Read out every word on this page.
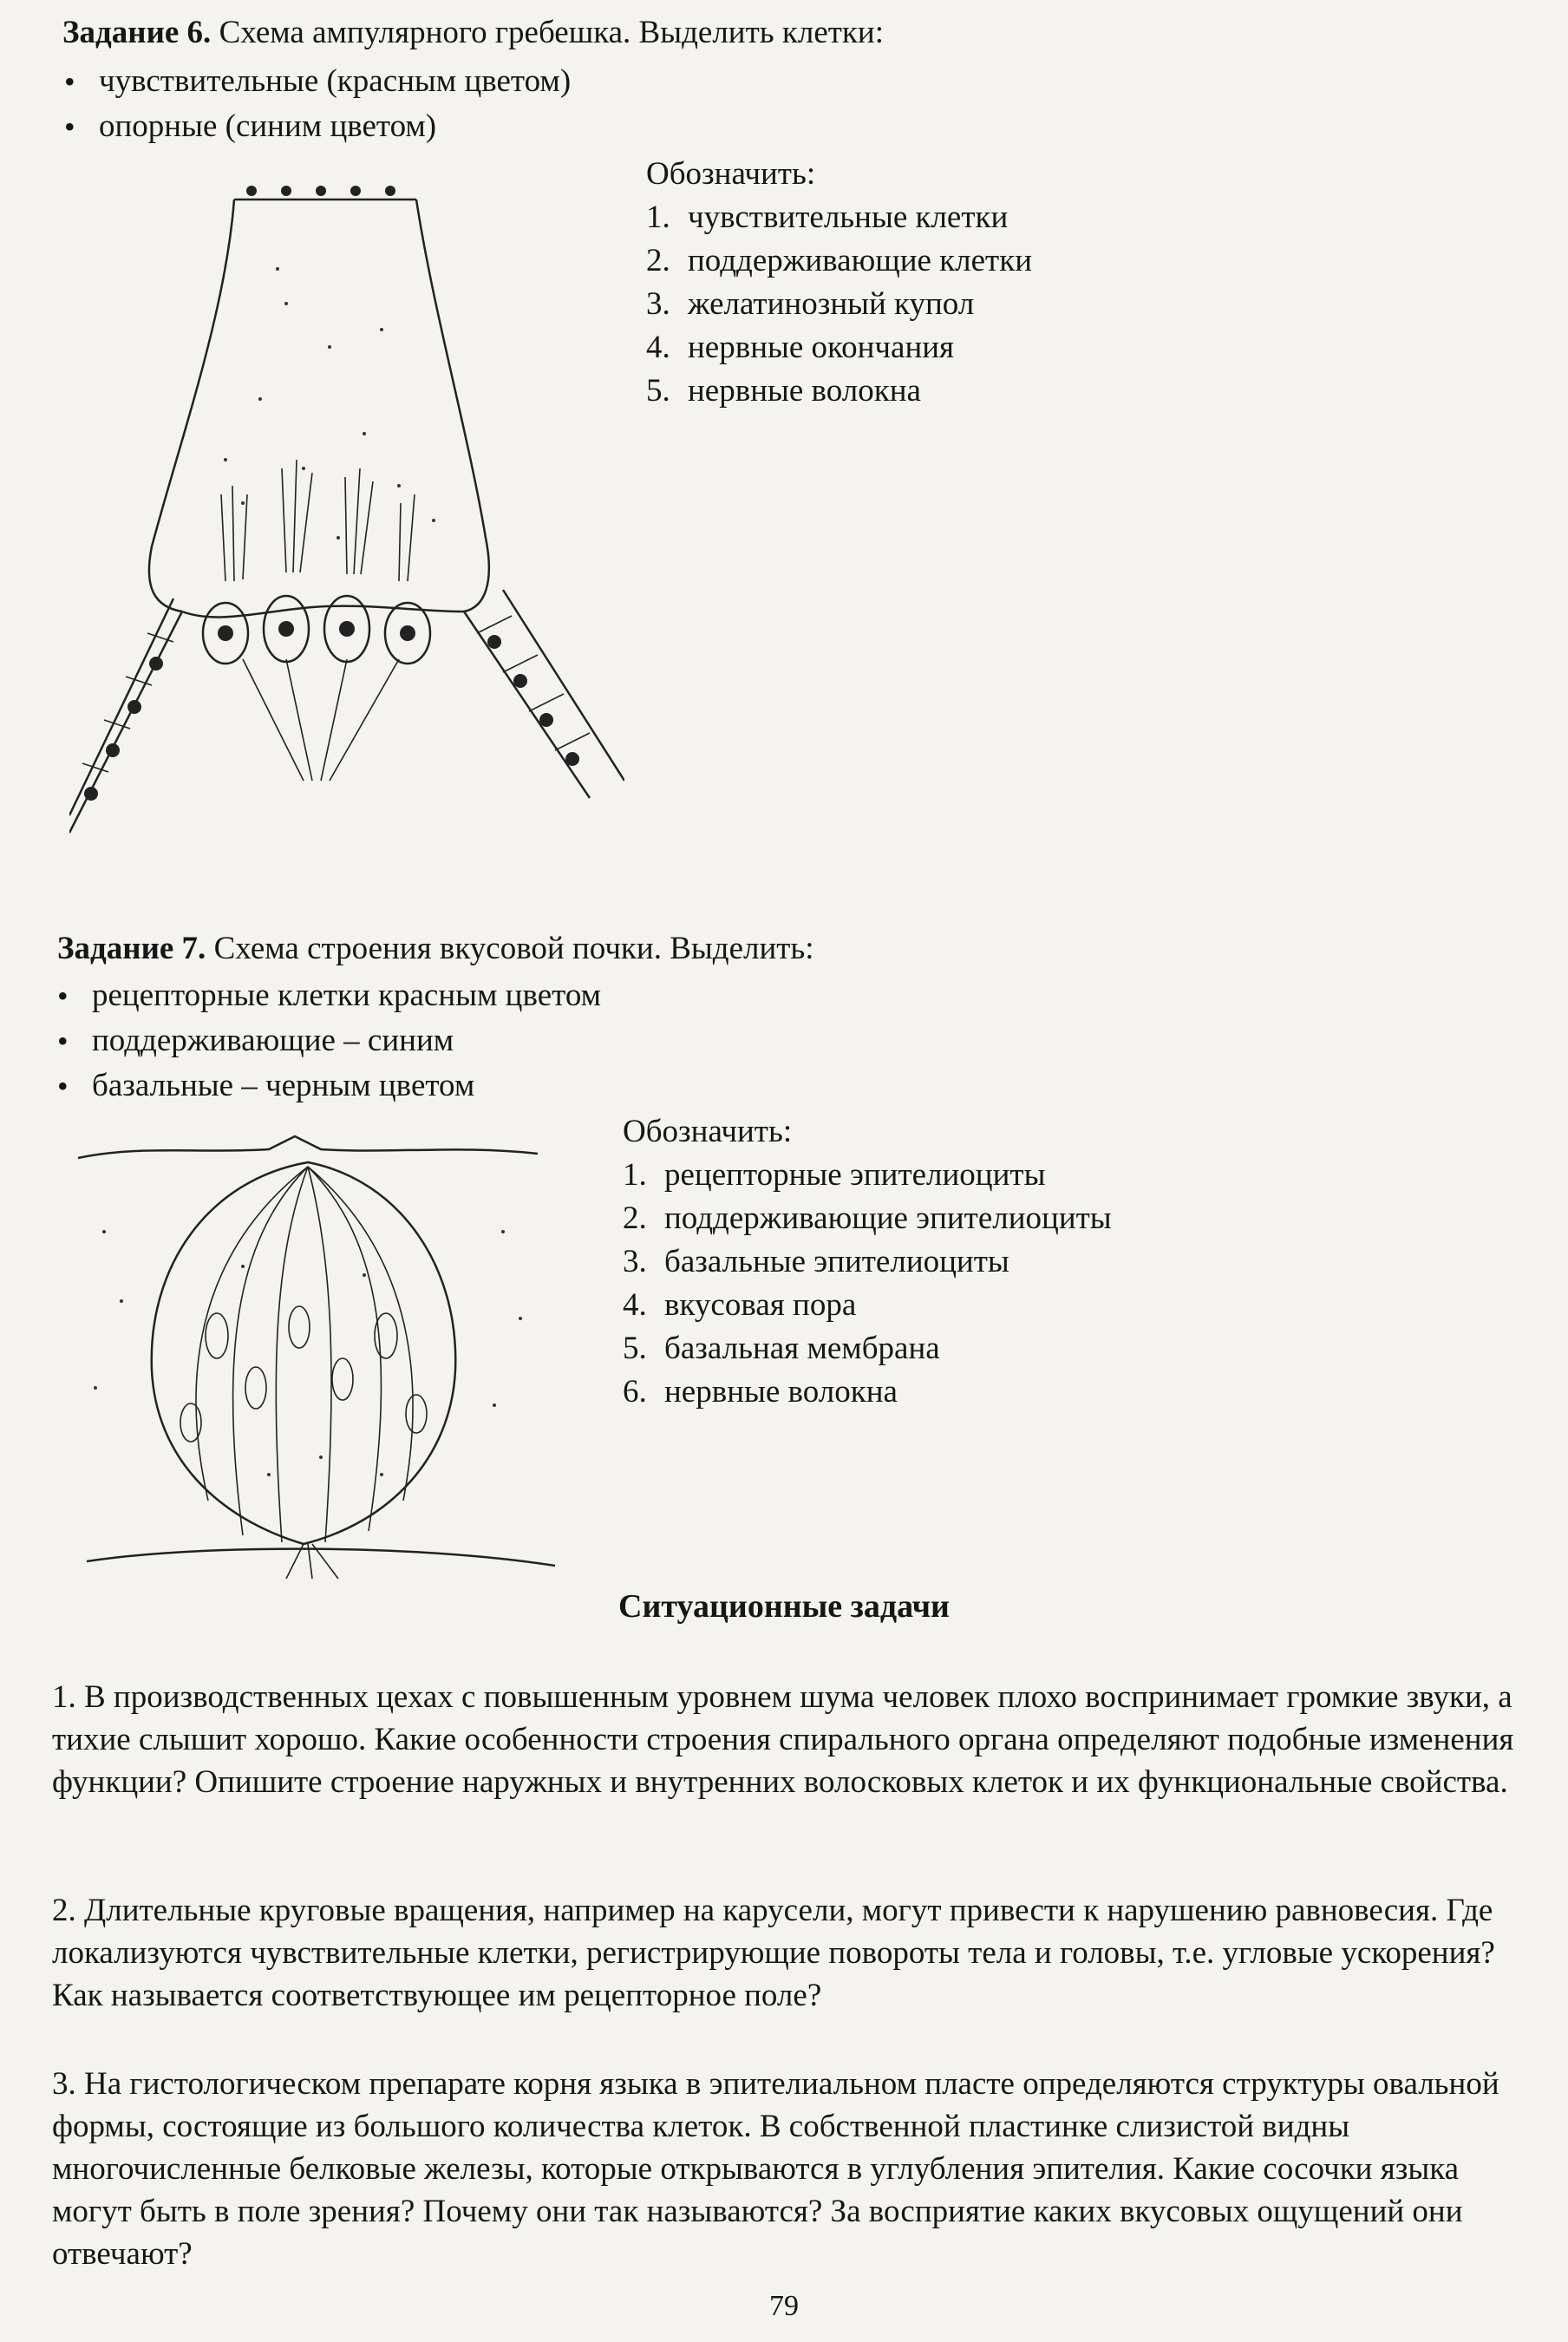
Задание 6. Схема ампулярного гребешка. Выделить клетки:
• чувствительные (красным цветом)
• опорные (синим цветом)
Обозначить:
1. чувствительные клетки
2. поддерживающие клетки
3. желатинозный купол
4. нервные окончания
5. нервные волокна
Задание 7. Схема строения вкусовой почки. Выделить:
• рецепторные клетки красным цветом
• поддерживающие – синим
• базальные – черным цветом
Обозначить:
1. рецепторные эпителиоциты
2. поддерживающие эпителиоциты
3. базальные эпителиоциты
4. вкусовая пора
5. базальная мембрана
6. нервные волокна
Ситуационные задачи
1. В производственных цехах с повышенным уровнем шума человек плохо воспринимает громкие звуки, а тихие слышит хорошо. Какие особенности строения спирального органа определяют подобные изменения функции? Опишите строение наружных и внутренних волосковых клеток и их функциональные свойства.
2. Длительные круговые вращения, например на карусели, могут привести к нарушению равновесия. Где локализуются чувствительные клетки, регистрирующие повороты тела и головы, т.е. угловые ускорения? Как называется соответствующее им рецепторное поле?
3. На гистологическом препарате корня языка в эпителиальном пласте определяются структуры овальной формы, состоящие из большого количества клеток. В собственной пластинке слизистой видны многочисленные белковые железы, которые открываются в углубления эпителия. Какие сосочки языка могут быть в поле зрения? Почему они так называются? За восприятие каких вкусовых ощущений они отвечают?
79
